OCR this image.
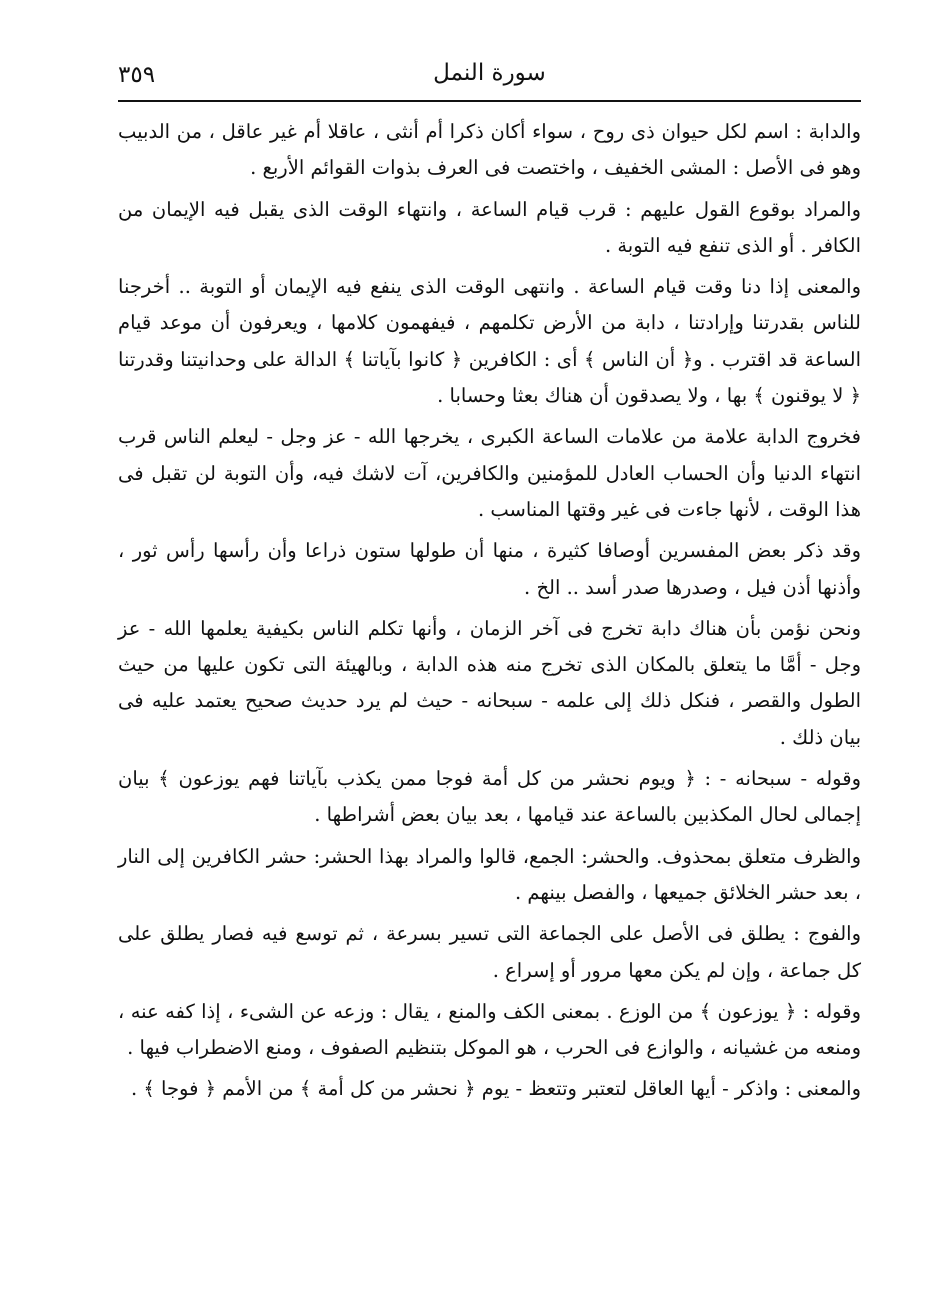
٣٥٩	سورة النمل

والدابة : اسم لكل حيوان ذى روح ، سواء أكان ذكرا أم أنثى ، عاقلا أم غير عاقل ، من الدبيب وهو فى الأصل : المشى الخفيف ، واختصت فى العرف بذوات القوائم الأربع .

والمراد بوقوع القول عليهم : قرب قيام الساعة ، وانتهاء الوقت الذى يقبل فيه الإيمان من الكافر . أو الذى تنفع فيه التوبة .

والمعنى إذا دنا وقت قيام الساعة . وانتهى الوقت الذى ينفع فيه الإيمان أو التوبة .. أخرجنا للناس بقدرتنا وإرادتنا ، دابة من الأرض تكلمهم ، فيفهمون كلامها ، ويعرفون أن موعد قيام الساعة قد اقترب . و﴿ أن الناس ﴾ أى : الكافرين ﴿ كانوا بآياتنا ﴾ الدالة على وحدانيتنا وقدرتنا ﴿ لا يوقنون ﴾ بها ، ولا يصدقون أن هناك بعثا وحسابا .

فخروج الدابة علامة من علامات الساعة الكبرى ، يخرجها الله - عز وجل - ليعلم الناس قرب انتهاء الدنيا وأن الحساب العادل للمؤمنين والكافرين، آت لاشك فيه، وأن التوبة لن تقبل فى هذا الوقت ، لأنها جاءت فى غير وقتها المناسب .

وقد ذكر بعض المفسرين أوصافا كثيرة ، منها أن طولها ستون ذراعا وأن رأسها رأس ثور ، وأذنها أذن فيل ، وصدرها صدر أسد .. الخ .

ونحن نؤمن بأن هناك دابة تخرج فى آخر الزمان ، وأنها تكلم الناس بكيفية يعلمها الله - عز وجل - أمَّا ما يتعلق بالمكان الذى تخرج منه هذه الدابة ، وبالهيئة التى تكون عليها من حيث الطول والقصر ، فنكل ذلك إلى علمه - سبحانه - حيث لم يرد حديث صحيح يعتمد عليه فى بيان ذلك .

وقوله - سبحانه - : ﴿ ويوم نحشر من كل أمة فوجا ممن يكذب بآياتنا فهم يوزعون ﴾ بيان إجمالى لحال المكذبين بالساعة عند قيامها ، بعد بيان بعض أشراطها .

والظرف متعلق بمحذوف. والحشر: الجمع، قالوا والمراد بهذا الحشر: حشر الكافرين إلى النار ، بعد حشر الخلائق جميعها ، والفصل بينهم .

والفوج : يطلق فى الأصل على الجماعة التى تسير بسرعة ، ثم توسع فيه فصار يطلق على كل جماعة ، وإن لم يكن معها مرور أو إسراع .

وقوله : ﴿ يوزعون ﴾ من الوزع . بمعنى الكف والمنع ، يقال : وزعه عن الشىء ، إذا كفه عنه ، ومنعه من غشيانه ، والوازع فى الحرب ، هو الموكل بتنظيم الصفوف ، ومنع الاضطراب فيها .

والمعنى : واذكر - أيها العاقل لتعتبر وتتعظ - يوم ﴿ نحشر من كل أمة ﴾ من الأمم ﴿ فوجا ﴾ .
